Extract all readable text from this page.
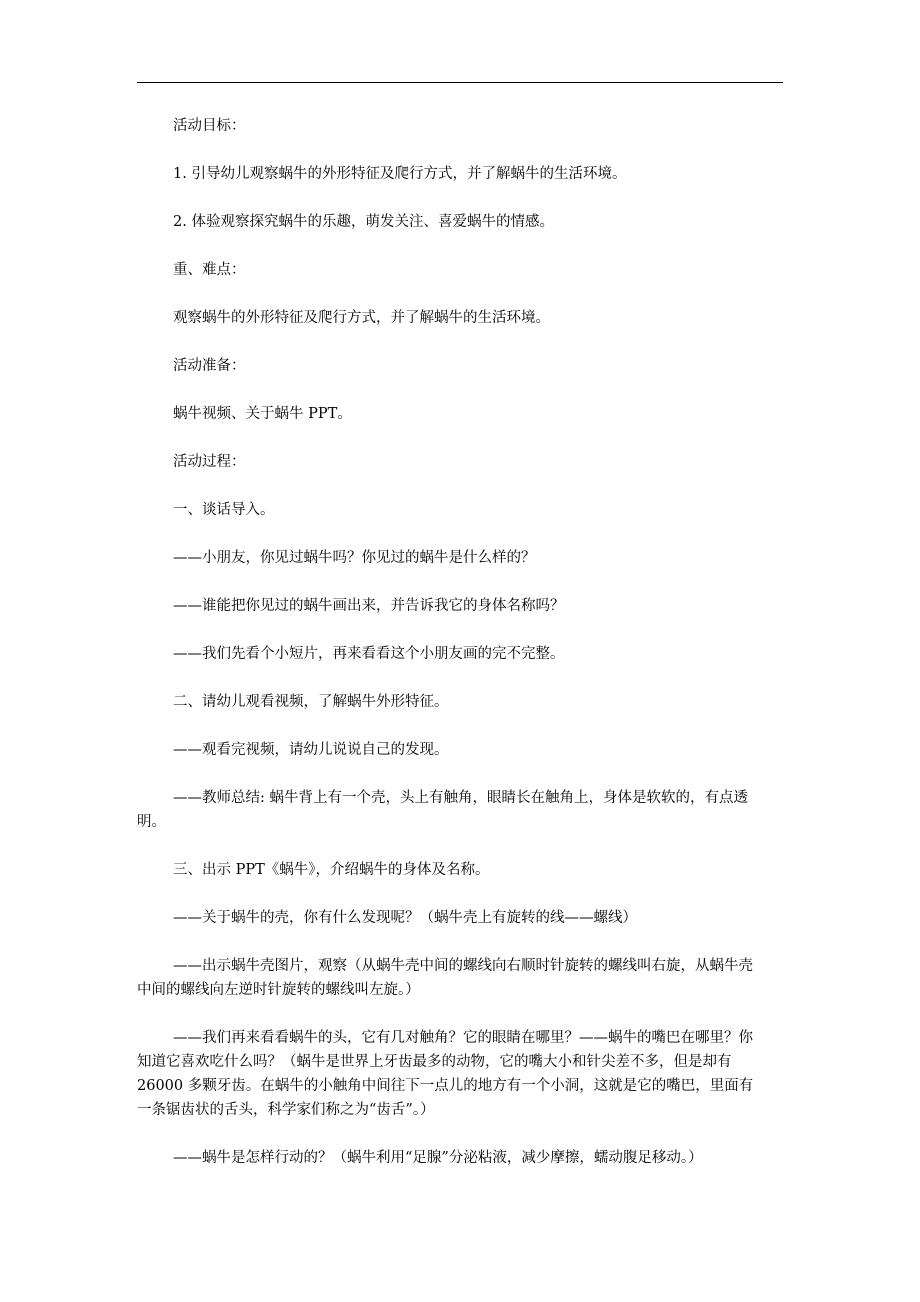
活动目标：

1. 引导幼儿观察蜗牛的外形特征及爬行方式，并了解蜗牛的生活环境。

2. 体验观察探究蜗牛的乐趣，萌发关注、喜爱蜗牛的情感。

重、难点：

观察蜗牛的外形特征及爬行方式，并了解蜗牛的生活环境。

活动准备：

蜗牛视频、关于蜗牛 PPT。

活动过程：

一、谈话导入。

——小朋友，你见过蜗牛吗？你见过的蜗牛是什么样的？

——谁能把你见过的蜗牛画出来，并告诉我它的身体名称吗？

——我们先看个小短片，再来看看这个小朋友画的完不完整。

二、请幼儿观看视频，了解蜗牛外形特征。

——观看完视频，请幼儿说说自己的发现。

——教师总结: 蜗牛背上有一个壳，头上有触角，眼睛长在触角上，身体是软软的，有点透明。

三、出示 PPT《蜗牛》，介绍蜗牛的身体及名称。

——关于蜗牛的壳，你有什么发现呢？（蜗牛壳上有旋转的线——螺线）

——出示蜗牛壳图片，观察（从蜗牛壳中间的螺线向右顺时针旋转的螺线叫右旋，从蜗牛壳中间的螺线向左逆时针旋转的螺线叫左旋。）

——我们再来看看蜗牛的头，它有几对触角？它的眼睛在哪里？——蜗牛的嘴巴在哪里？你知道它喜欢吃什么吗？（蜗牛是世界上牙齿最多的动物，它的嘴大小和针尖差不多，但是却有 26000 多颗牙齿。在蜗牛的小触角中间往下一点儿的地方有一个小洞，这就是它的嘴巴，里面有一条锯齿状的舌头，科学家们称之为“齿舌”。）

——蜗牛是怎样行动的？（蜗牛利用“足腺”分泌粘液，减少摩擦，蠕动腹足移动。）
